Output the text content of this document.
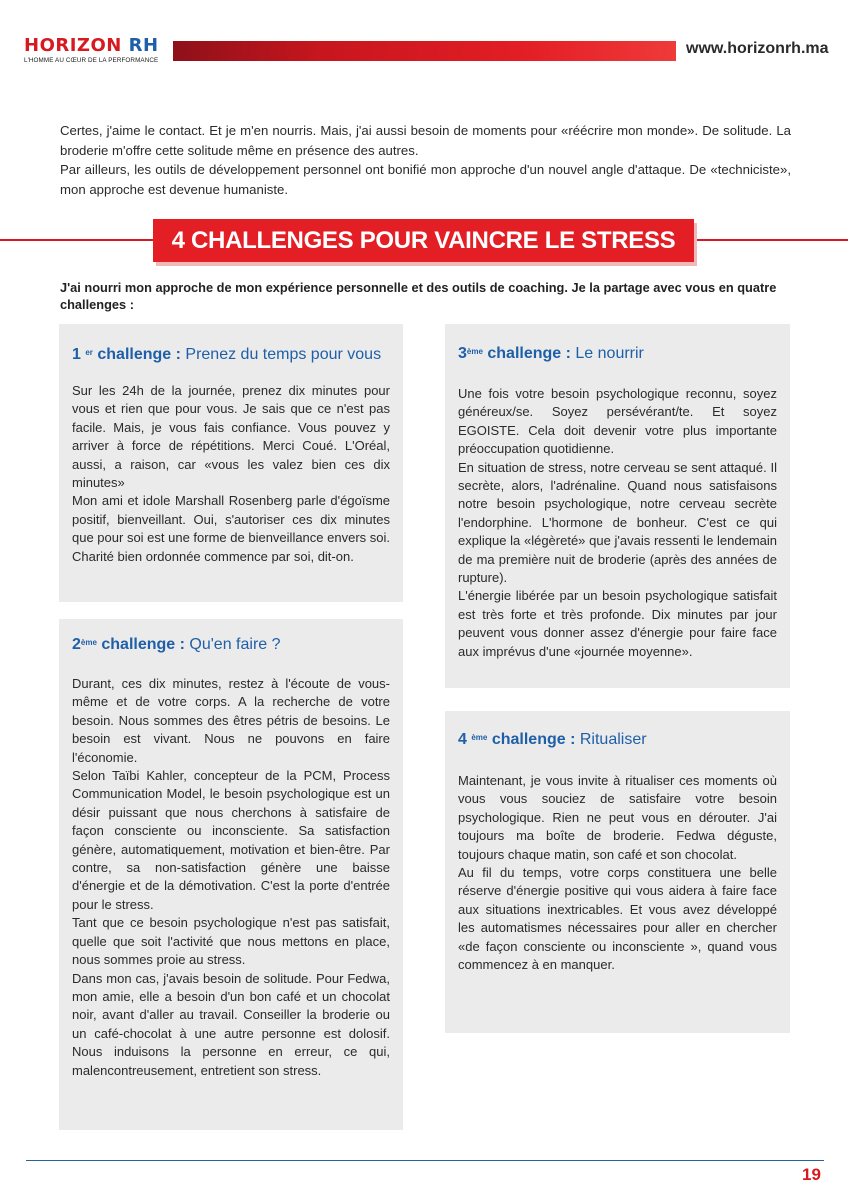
HORIZON RH
L'HOMME AU CŒUR DE LA PERFORMANCE
www.horizonrh.ma

Certes, j'aime le contact. Et je m'en nourris. Mais, j'ai aussi besoin de moments pour «réécrire mon monde». De solitude. La broderie m'offre cette solitude même en présence des autres.

Par ailleurs, les outils de développement personnel ont bonifié mon approche d'un nouvel angle d'attaque. De «techniciste», mon approche est devenue humaniste.

4 CHALLENGES POUR VAINCRE LE STRESS
J'ai nourri mon approche de mon expérience personnelle et des outils de coaching. Je la partage avec vous en quatre challenges :
1 $^{er}$ challenge : Prenez du temps pour vous

Sur les 24h de la journée, prenez dix minutes pour vous et rien que pour vous. Je sais que ce n'est pas facile. Mais, je vous fais confiance. Vous pouvez y arriver à force de répétitions. Merci Coué. L'Oréal, aussi, a raison, car «vous les valez bien ces dix minutes»

Mon ami et idole Marshall Rosenberg parle d'égoïsme positif, bienveillant. Oui, s'autoriser ces dix minutes que pour soi est une forme de bienveillance envers soi. Charité bien ordonnée commence par soi, dit-on.

2ème challenge : Qu'en faire ?

Durant, ces dix minutes, restez à l'écoute de vous-même et de votre corps. A la recherche de votre besoin. Nous sommes des êtres pétris de besoins. Le besoin est vivant. Nous ne pouvons en faire l'économie.

Selon Taïbi Kahler, concepteur de la PCM, Process Communication Model, le besoin psychologique est un désir puissant que nous cherchons à satisfaire de façon consciente ou inconsciente. Sa satisfaction génère, automatiquement, motivation et bien-être. Par contre, sa non-satisfaction génère une baisse d'énergie et de la démotivation. C'est la porte d'entrée pour le stress.

Tant que ce besoin psychologique n'est pas satisfait, quelle que soit l'activité que nous mettons en place, nous sommes proie au stress.

Dans mon cas, j'avais besoin de solitude. Pour Fedwa, mon amie, elle a besoin d'un bon café et un chocolat noir, avant d'aller au travail. Conseiller la broderie ou un café-chocolat à une autre personne est dolosif. Nous induisons la personne en erreur, ce qui, malencontreusement, entretient son stress.

3ème challenge : Le nourrir

Une fois votre besoin psychologique reconnu, soyez généreux/se. Soyez persévérant/te. Et soyez EGOISTE. Cela doit devenir votre plus importante préoccupation quotidienne.

En situation de stress, notre cerveau se sent attaqué. Il secrète, alors, l'adrénaline. Quand nous satisfaisons notre besoin psychologique, notre cerveau secrète l'endorphine. L'hormone de bonheur. C'est ce qui explique la «légèreté» que j'avais ressenti le lendemain de ma première nuit de broderie (après des années de rupture).

L'énergie libérée par un besoin psychologique satisfait est très forte et très profonde. Dix minutes par jour peuvent vous donner assez d'énergie pour faire face aux imprévus d'une «journée moyenne».

4 $^{ème}$ challenge : Ritualiser

Maintenant, je vous invite à ritualiser ces moments où vous vous souciez de satisfaire votre besoin psychologique. Rien ne peut vous en dérouter. J'ai toujours ma boîte de broderie. Fedwa déguste, toujours chaque matin, son café et son chocolat.

Au fil du temps, votre corps constituera une belle réserve d'énergie positive qui vous aidera à faire face aux situations inextricables. Et vous avez développé les automatismes nécessaires pour aller en chercher «de façon consciente ou inconsciente », quand vous commencez à en manquer.

19
